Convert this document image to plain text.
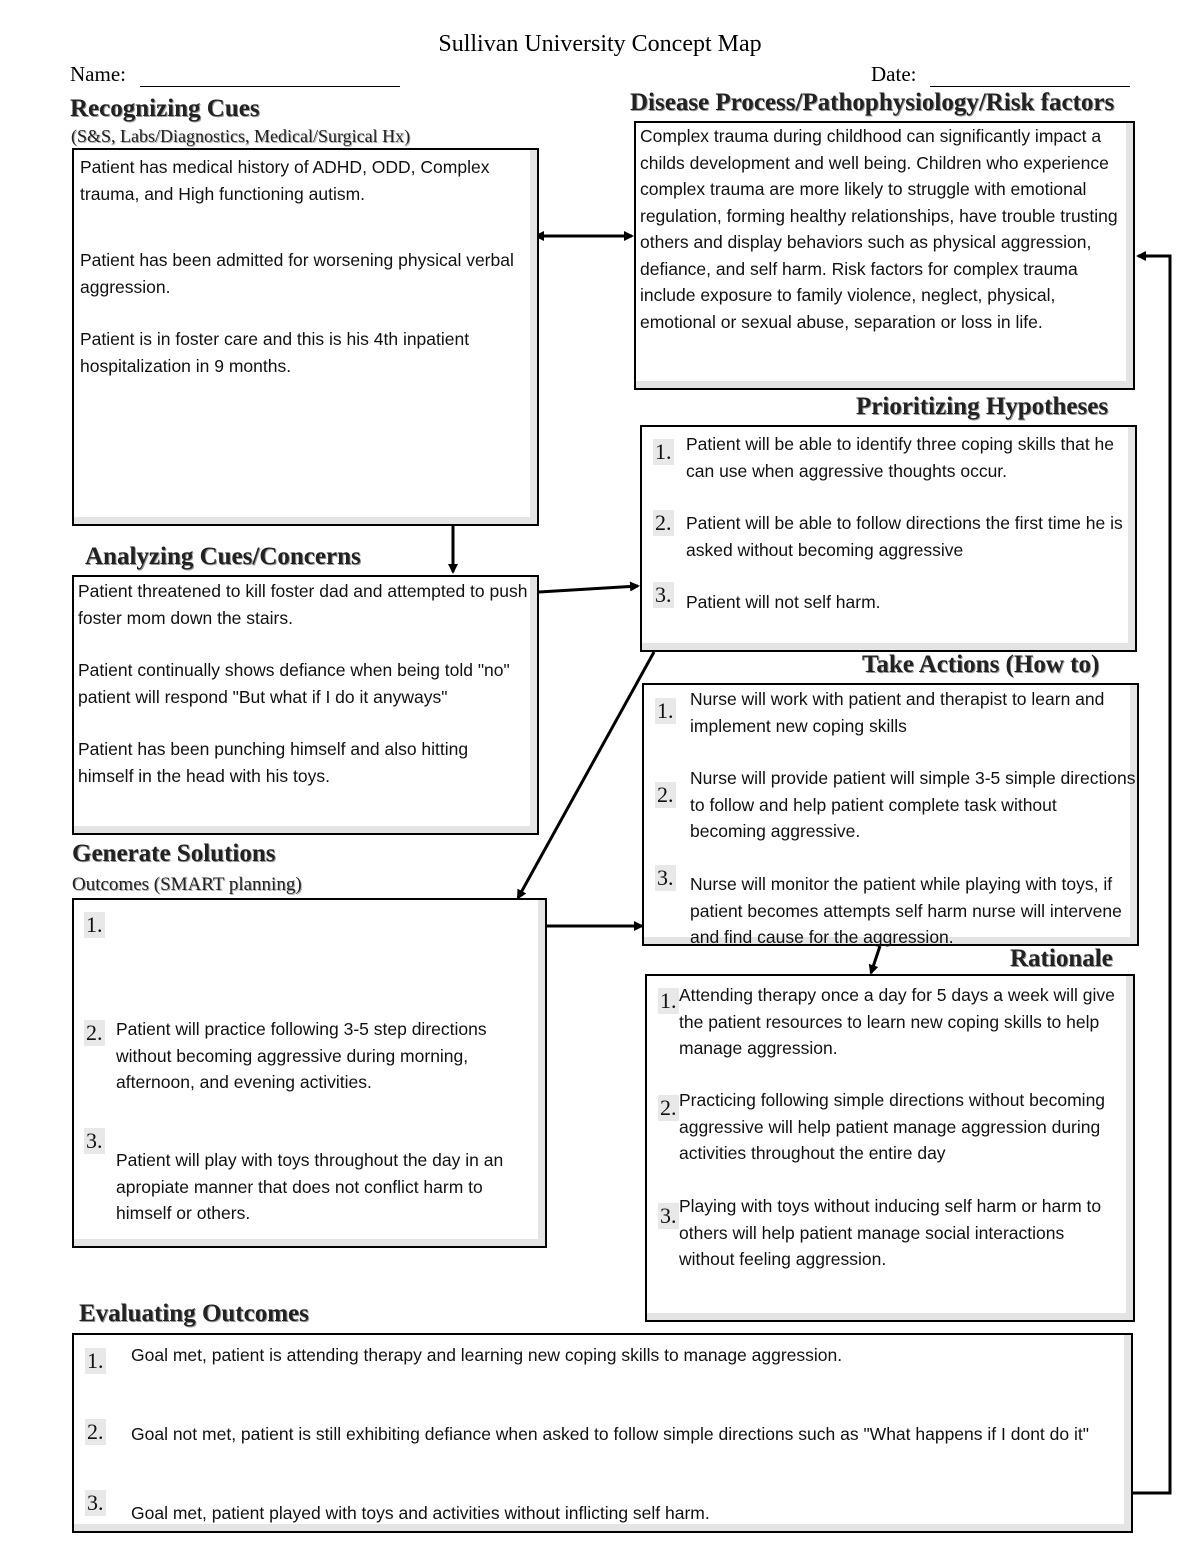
Sullivan University Concept Map
Name:	Date:
Recognizing Cues
(S&S, Labs/Diagnostics, Medical/Surgical Hx)
Patient has medical history of ADHD, ODD, Complex trauma, and High functioning autism.
Patient has been admitted for worsening physical verbal aggression.
Patient is in foster care and this is his 4th inpatient hospitalization in 9 months.
Disease Process/Pathophysiology/Risk factors
Complex trauma during childhood can significantly impact a childs development and well being. Children who experience complex trauma are more likely to struggle with emotional regulation, forming healthy relationships, have trouble trusting others and display behaviors such as physical aggression, defiance, and self harm. Risk factors for complex trauma include exposure to family violence, neglect, physical, emotional or sexual abuse, separation or loss in life.
Prioritizing Hypotheses
1. Patient will be able to identify three coping skills that he can use when aggressive thoughts occur.
2. Patient will be able to follow directions the first time he is asked without becoming aggressive
3. Patient will not self harm.
Analyzing Cues/Concerns
Patient threatened to kill foster dad and attempted to push foster mom down the stairs.
Patient continually shows defiance when being told "no" patient will respond "But what if I do it anyways"
Patient has been punching himself and also hitting himself in the head with his toys.
Take Actions (How to)
1. Nurse will work with patient and therapist to learn and implement new coping skills
2.
Nurse will provide patient will simple 3-5 simple directions to follow and help patient complete task without becoming aggressive.
3. Nurse will monitor the patient while playing with toys, if patient becomes attempts self harm nurse will intervene and find cause for the aggression.
Generate Solutions
Outcomes (SMART planning)
1.
2. Patient will practice following 3-5 step directions without becoming aggressive during morning, afternoon, and evening activities.
3.
Patient will play with toys throughout the day in an apropiate manner that does not conflict harm to himself or others.
Rationale
1. Attending therapy once a day for 5 days a week will give the patient resources to learn new coping skills to help manage aggression.
2. Practicing following simple directions without becoming aggressive will help patient manage aggression during activities throughout the entire day
3. Playing with toys without inducing self harm or harm to others will help patient manage social interactions without feeling aggression.
Evaluating Outcomes
1. Goal met, patient is attending therapy and learning new coping skills to manage aggression.
2. Goal not met, patient is still exhibiting defiance when asked to follow simple directions such as "What happens if I dont do it"
3. Goal met, patient played with toys and activities without inflicting self harm.
